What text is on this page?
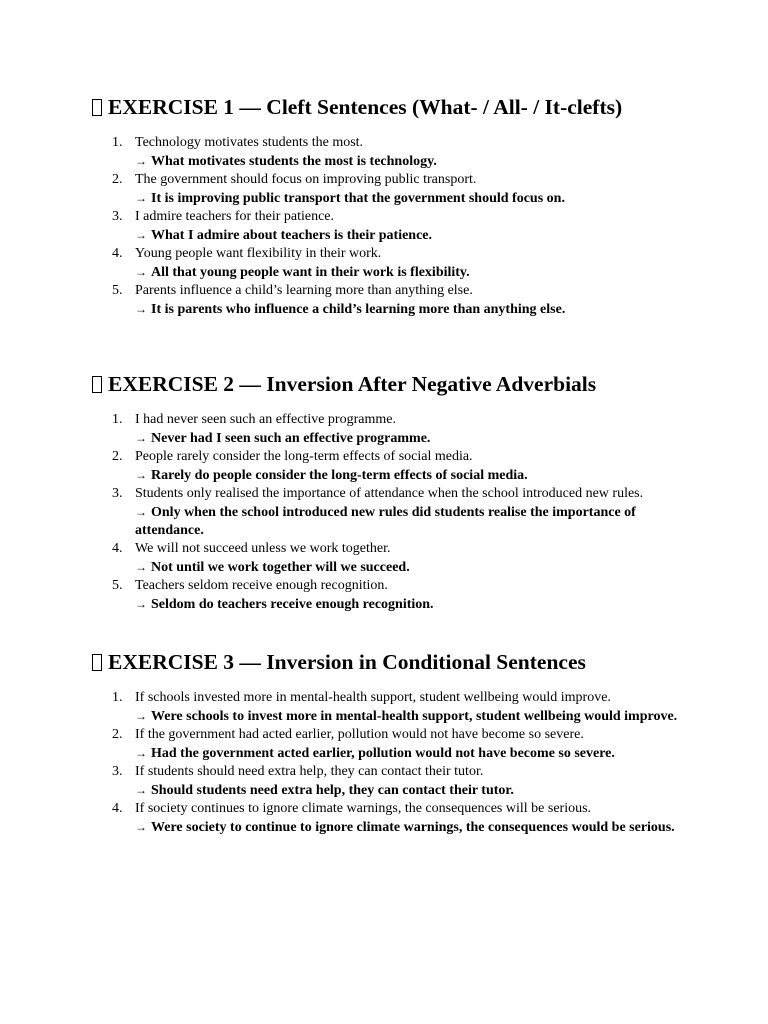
EXERCISE 1 — Cleft Sentences (What- / All- / It-clefts)
1. Technology motivates students the most.
→ What motivates students the most is technology.
2. The government should focus on improving public transport.
→ It is improving public transport that the government should focus on.
3. I admire teachers for their patience.
→ What I admire about teachers is their patience.
4. Young people want flexibility in their work.
→ All that young people want in their work is flexibility.
5. Parents influence a child’s learning more than anything else.
→ It is parents who influence a child’s learning more than anything else.
EXERCISE 2 — Inversion After Negative Adverbials
1. I had never seen such an effective programme.
→ Never had I seen such an effective programme.
2. People rarely consider the long-term effects of social media.
→ Rarely do people consider the long-term effects of social media.
3. Students only realised the importance of attendance when the school introduced new rules.
→ Only when the school introduced new rules did students realise the importance of attendance.
4. We will not succeed unless we work together.
→ Not until we work together will we succeed.
5. Teachers seldom receive enough recognition.
→ Seldom do teachers receive enough recognition.
EXERCISE 3 — Inversion in Conditional Sentences
1. If schools invested more in mental-health support, student wellbeing would improve.
→ Were schools to invest more in mental-health support, student wellbeing would improve.
2. If the government had acted earlier, pollution would not have become so severe.
→ Had the government acted earlier, pollution would not have become so severe.
3. If students should need extra help, they can contact their tutor.
→ Should students need extra help, they can contact their tutor.
4. If society continues to ignore climate warnings, the consequences will be serious.
→ Were society to continue to ignore climate warnings, the consequences would be serious.
